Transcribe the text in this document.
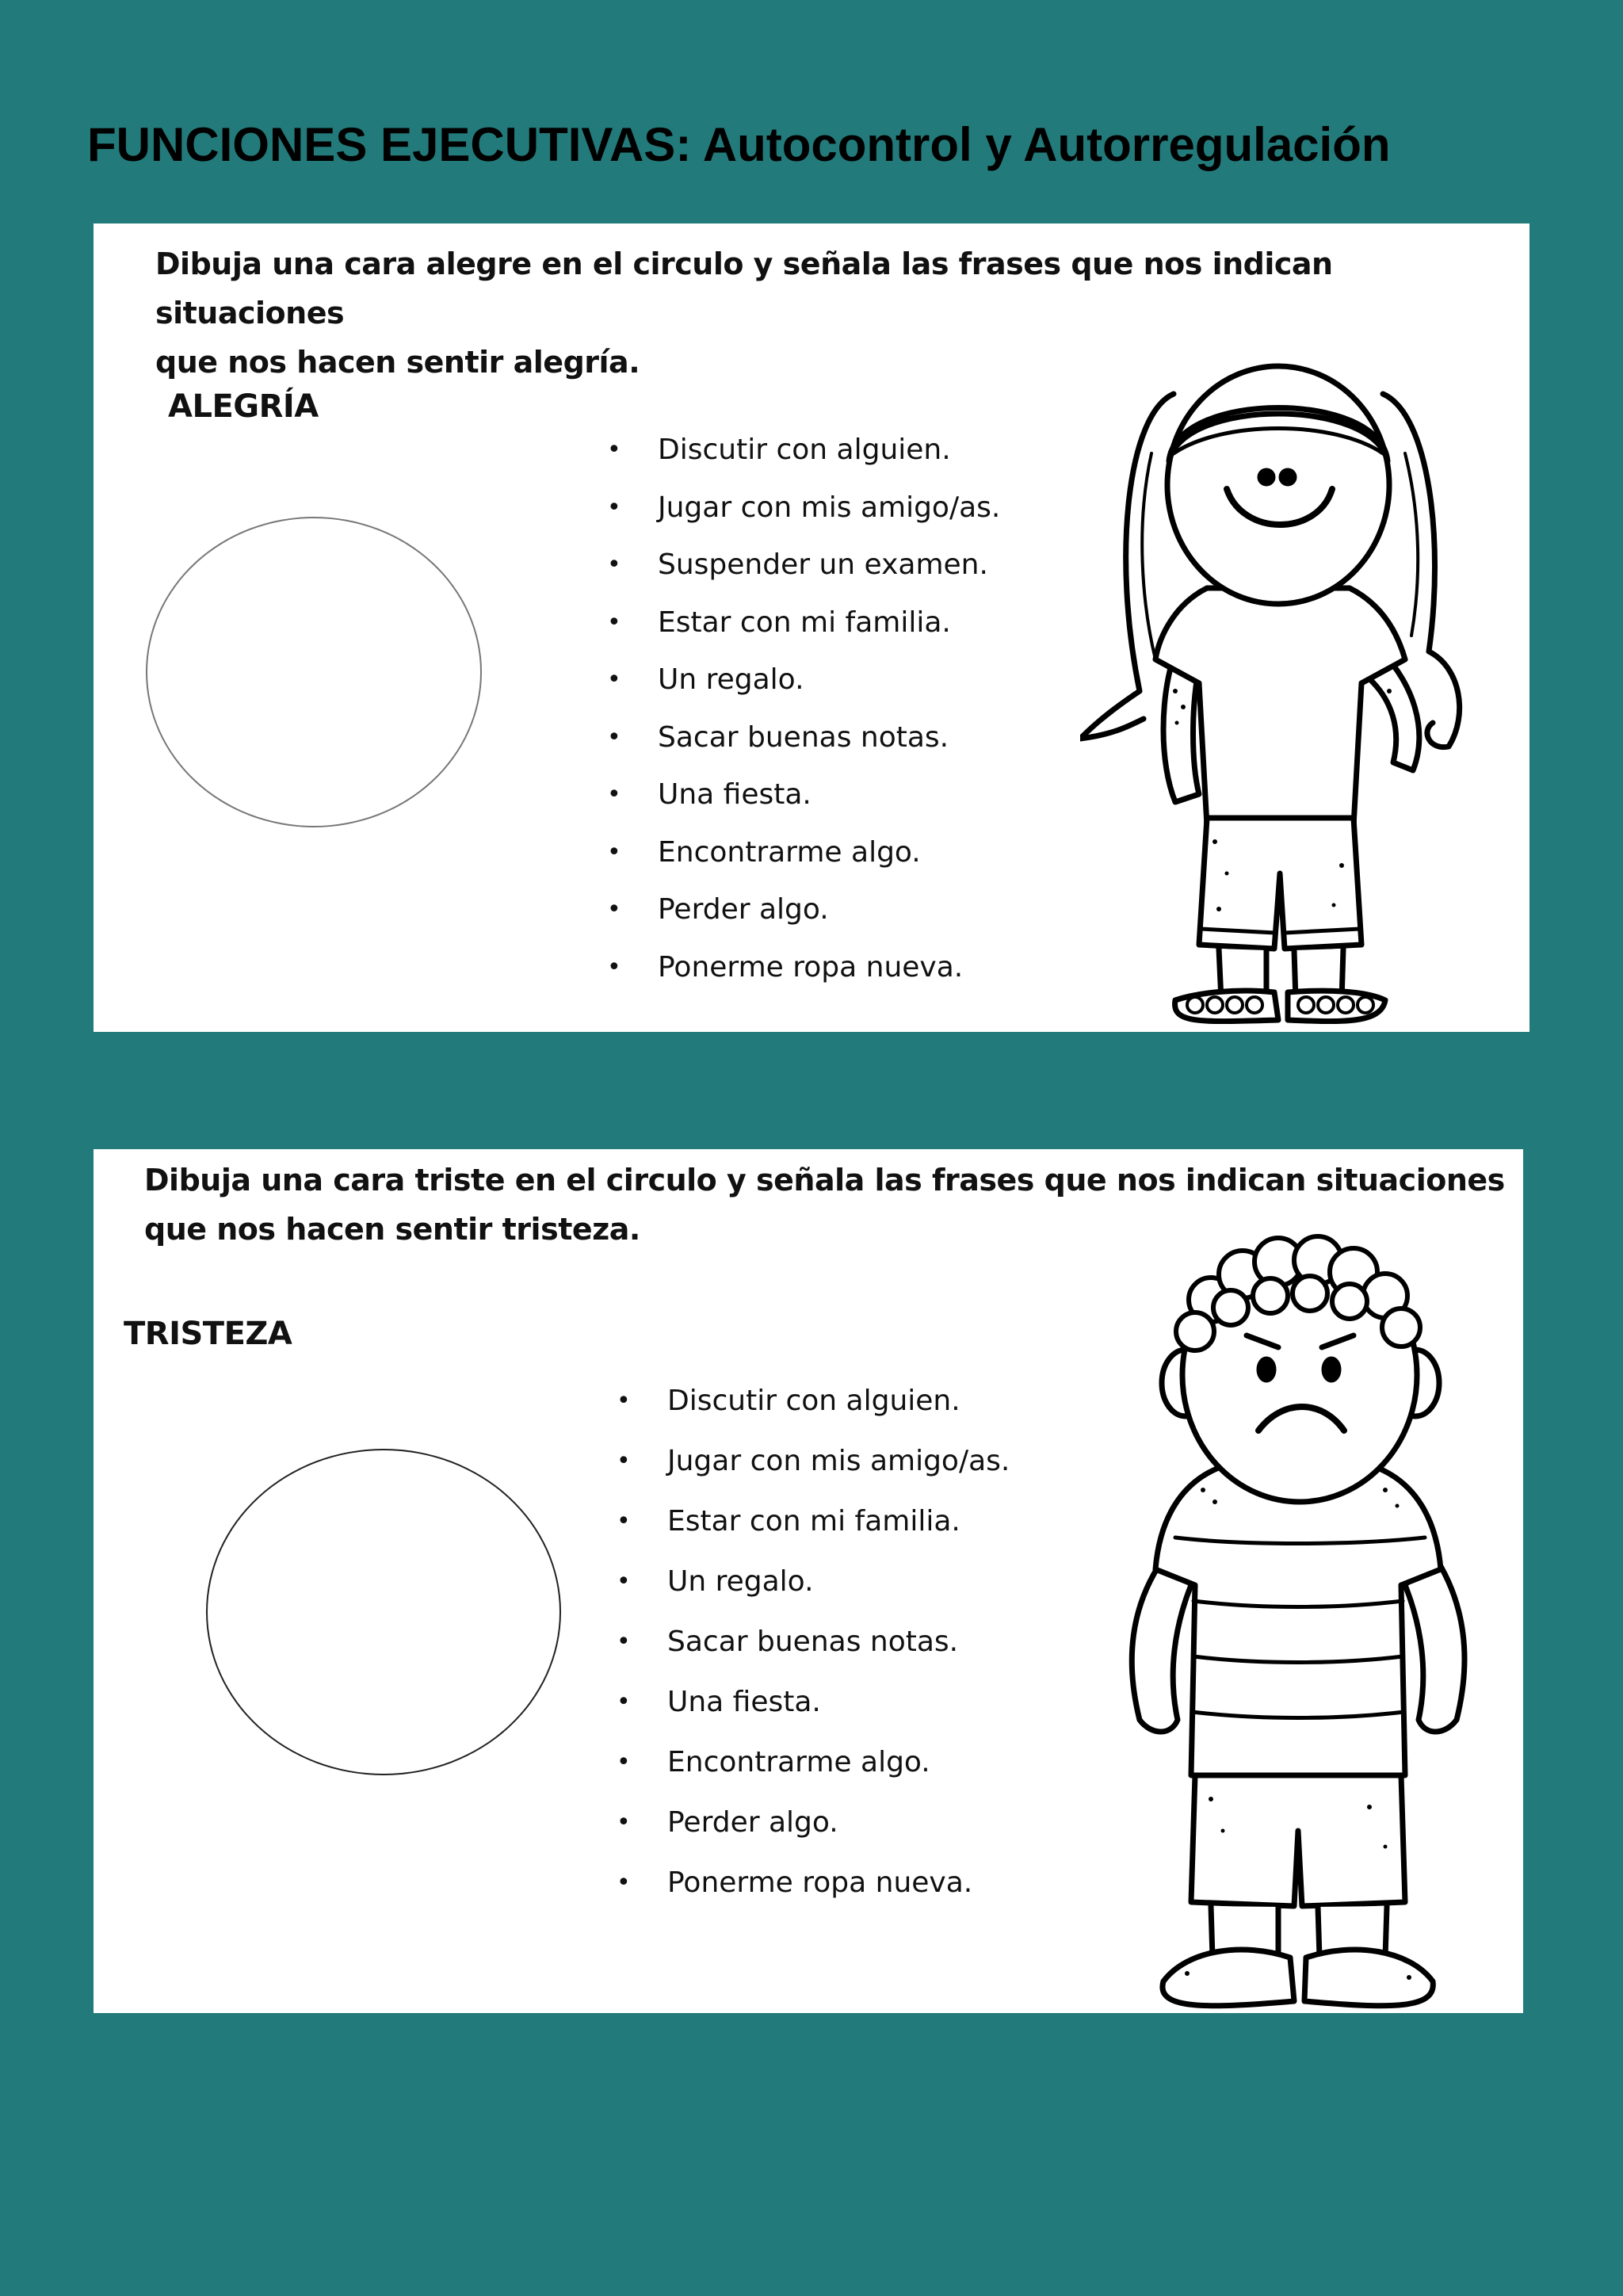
FUNCIONES EJECUTIVAS: Autocontrol y Autorregulación
Dibuja una cara alegre en el circulo y señala las frases que nos indican situaciones
que nos hacen sentir alegría.
ALEGRÍA
•	Discutir con alguien.
•	Jugar con mis amigo/as.
•	Suspender un examen.
•	Estar con mi familia.
•	Un regalo.
•	Sacar buenas notas.
•	Una fiesta.
•	Encontrarme algo.
•	Perder algo.
•	Ponerme ropa nueva.
Dibuja una cara triste en el circulo y señala las frases que nos indican situaciones
que nos hacen sentir tristeza.
TRISTEZA
•	Discutir con alguien.
•	Jugar con mis amigo/as.
•	Estar con mi familia.
•	Un regalo.
•	Sacar buenas notas.
•	Una fiesta.
•	Encontrarme algo.
•	Perder algo.
•	Ponerme ropa nueva.
